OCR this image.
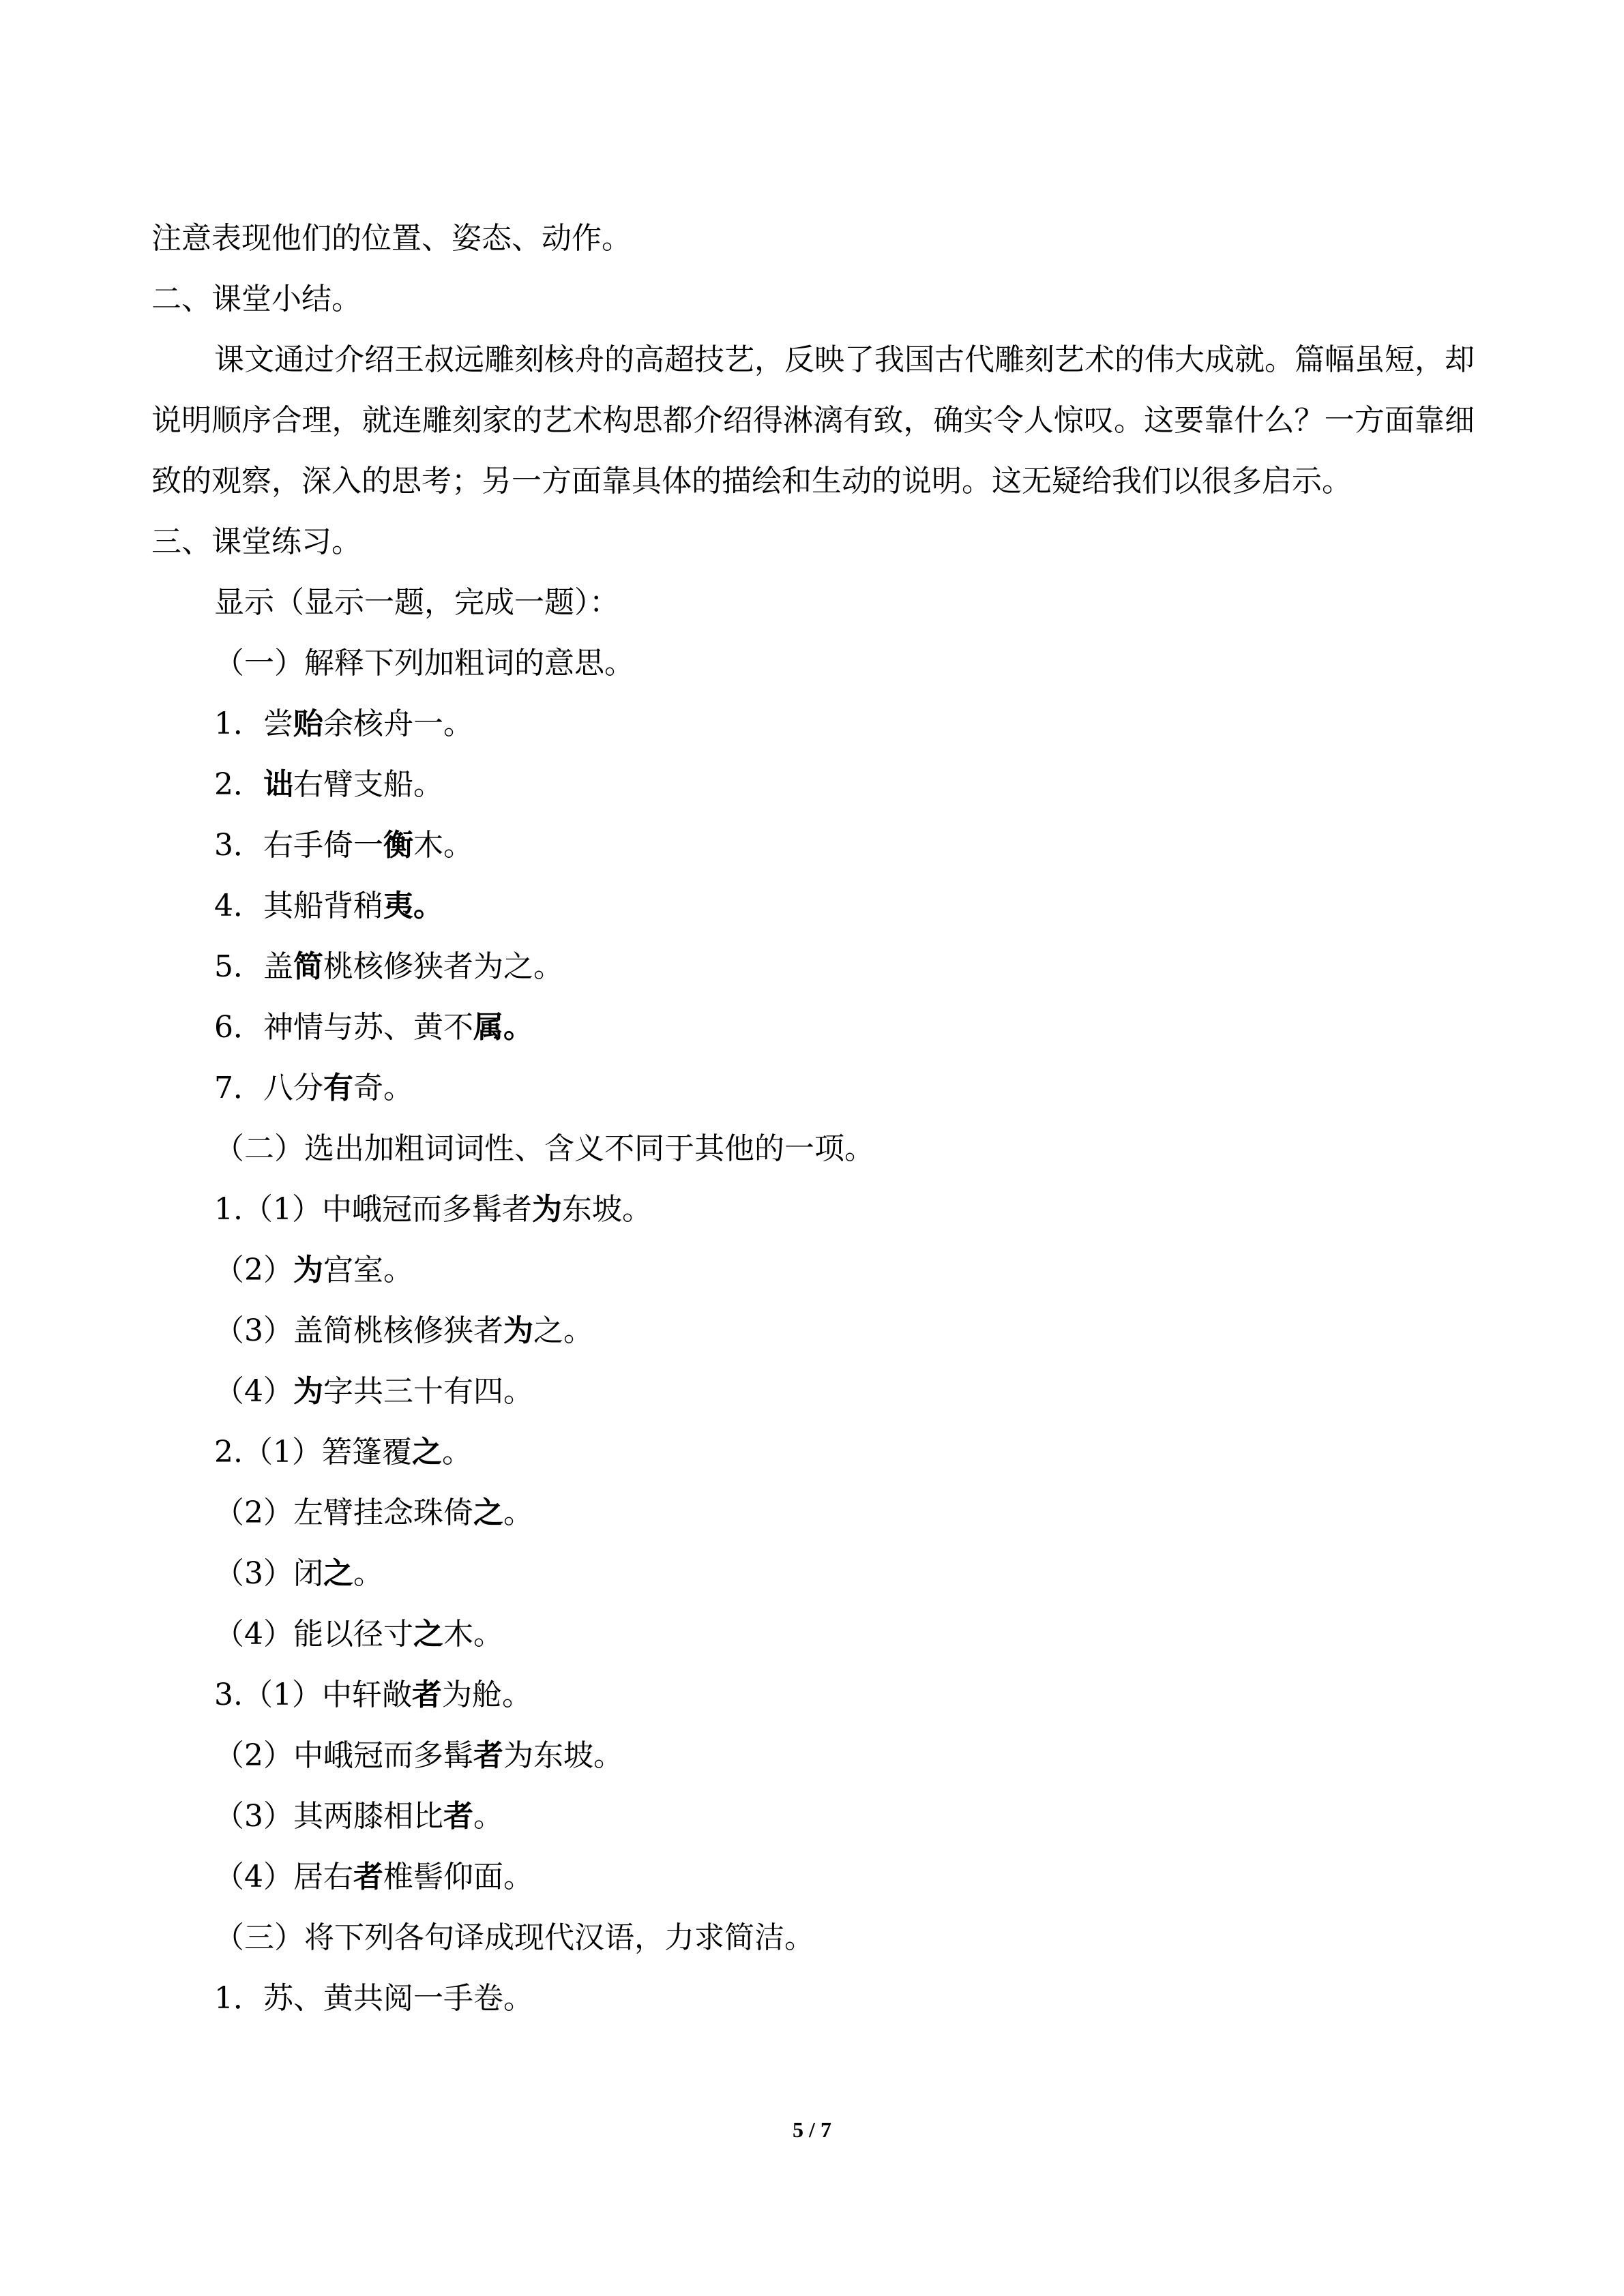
注意表现他们的位置、姿态、动作。

二、课堂小结。

课文通过介绍王叔远雕刻核舟的高超技艺，反映了我国古代雕刻艺术的伟大成就。篇幅虽短，却说明顺序合理，就连雕刻家的艺术构思都介绍得淋漓有致，确实令人惊叹。这要靠什么？一方面靠细致的观察，深入的思考；另一方面靠具体的描绘和生动的说明。这无疑给我们以很多启示。

三、课堂练习。

显示（显示一题，完成一题）：

（一）解释下列加粗词的意思。

1．尝贻余核舟一。

2．诎右臂支船。

3．右手倚一衡木。

4．其船背稍夷。

5．盖简桃核修狭者为之。

6．神情与苏、黄不属。

7．八分有奇。

（二）选出加粗词词性、含义不同于其他的一项。

1.（1）中峨冠而多髯者为东坡。

（2）为宫室。

（3）盖简桃核修狭者为之。

（4）为字共三十有四。

2.（1）箬篷覆之。

（2）左臂挂念珠倚之。

（3）闭之。

（4）能以径寸之木。

3.（1）中轩敞者为舱。

（2）中峨冠而多髯者为东坡。

（3）其两膝相比者。

（4）居右者椎髻仰面。

（三）将下列各句译成现代汉语，力求简洁。

1．苏、黄共阅一手卷。

5 / 7
